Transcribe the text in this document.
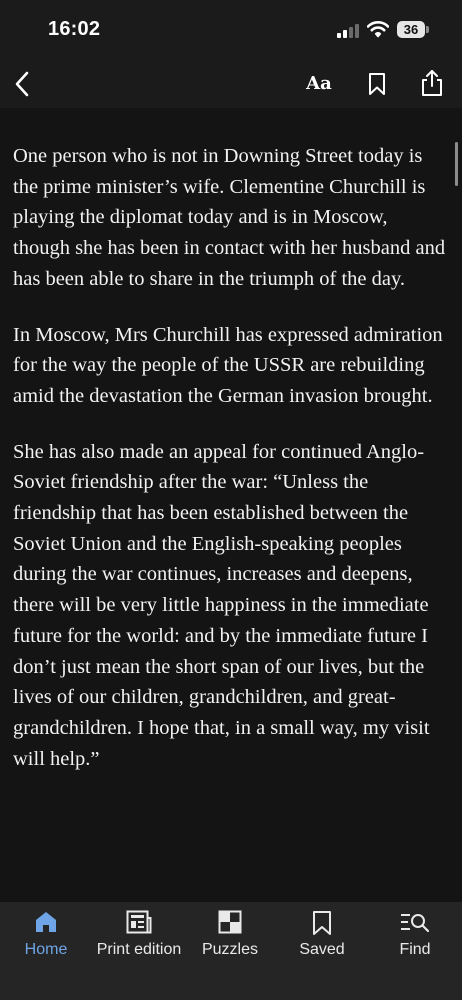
16:02	36
Aa

One person who is not in Downing Street today is the prime minister’s wife. Clementine Churchill is playing the diplomat today and is in Moscow, though she has been in contact with her husband and has been able to share in the triumph of the day.

In Moscow, Mrs Churchill has expressed admiration for the way the people of the USSR are rebuilding amid the devastation the German invasion brought.

She has also made an appeal for continued Anglo-Soviet friendship after the war: “Unless the friendship that has been established between the Soviet Union and the English-speaking peoples during the war continues, increases and deepens, there will be very little happiness in the immediate future for the world: and by the immediate future I don’t just mean the short span of our lives, but the lives of our children, grandchildren, and great-grandchildren. I hope that, in a small way, my visit will help.”

Home	Print edition	Puzzles	Saved	Find
